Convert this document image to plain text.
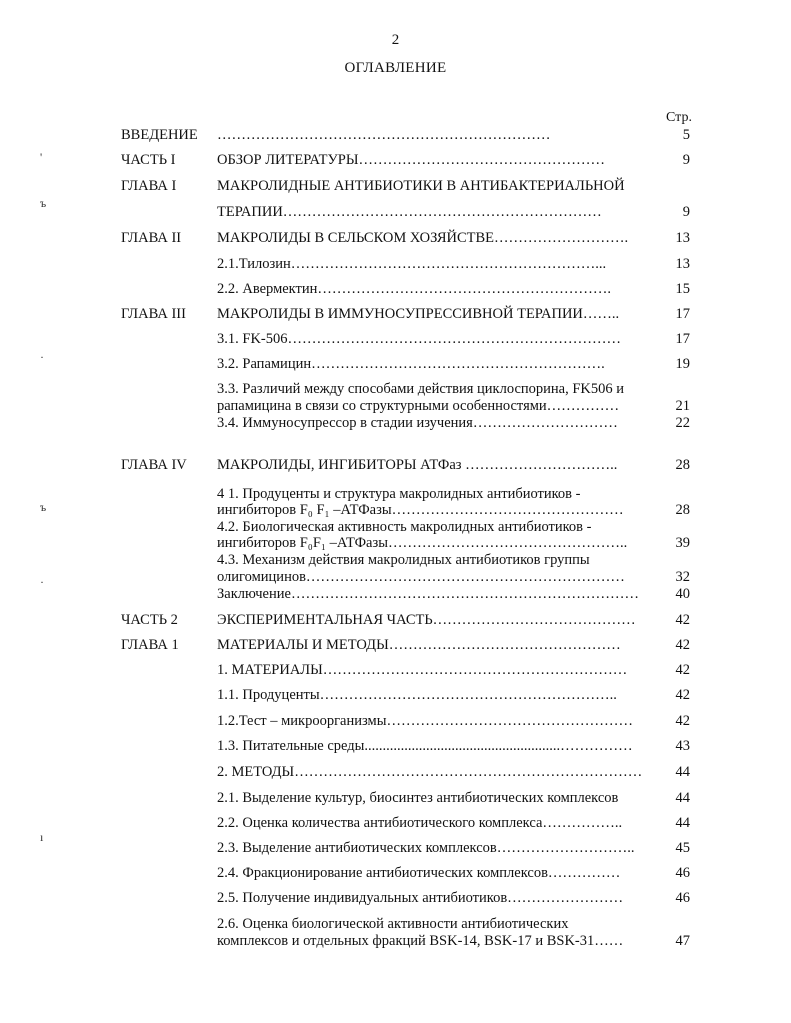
2
ОГЛАВЛЕНИЕ
Стр.
'
ъ
·
ъ
·
ı
ВВЕДЕНИЕ ……………………………………………………………	5
ЧАСТЬ I	ОБЗОР ЛИТЕРАТУРЫ……………………………………………	9
ГЛАВА I	МАКРОЛИДНЫЕ АНТИБИОТИКИ В АНТИБАКТЕРИАЛЬНОЙ
ТЕРАПИИ…………………………………………………………	9
ГЛАВА II МАКРОЛИДЫ В СЕЛЬСКОМ ХОЗЯЙСТВЕ……………………….	13
2.1.Тилозин………………………………………………………...	13
2.2. Авермектин…………………………………………………….	15
ГЛАВА III МАКРОЛИДЫ В ИММУНОСУПРЕССИВНОЙ ТЕРАПИИ……..	17
3.1. FK-506……………………………………………………………	17
3.2. Рапамицин…………………………………………………….	19
3.3. Различий между способами действия циклоспорина, FK506 и
рапамицина в связи со структурными особенностями……………	21
3.4. Иммуносупрессор в стадии изучения…………………………	22
ГЛАВА IV МАКРОЛИДЫ, ИНГИБИТОРЫ АТФаз …………………………..	28
4 1. Продуценты и структура макролидных антибиотиков -
ингибиторов F₀ F₁ –АТФазы…………………………………………	28
4.2. Биологическая активность макролидных антибиотиков -
ингибиторов F₀F₁ –АТФазы…………………………………………..	39
4.3. Механизм действия макролидных антибиотиков группы
олигомицинов…………………………………………………………	32
Заключение………………………………………………………………	40
ЧАСТЬ 2	ЭКСПЕРИМЕНТАЛЬНАЯ ЧАСТЬ……………………………………	42
ГЛАВА 1	МАТЕРИАЛЫ И МЕТОДЫ…………………………………………	42
1. МАТЕРИАЛЫ………………………………………………………	42
1.1. Продуценты……………………………………………………..	42
1.2.Тест – микроорганизмы……………………………………………	42
1.3. Питательные среды......................................................……………	43
2. МЕТОДЫ………………………………………………………………	44
2.1. Выделение культур, биосинтез антибиотических комплексов	44
2.2. Оценка количества антибиотического комплекса……………..	44
2.3. Выделение антибиотических комплексов………………………..	45
2.4. Фракционирование антибиотических комплексов……………	46
2.5. Получение индивидуальных антибиотиков……………………	46
2.6. Оценка биологической активности антибиотических
комплексов и отдельных фракций BSK-14, BSK-17 и BSK-31……	47
